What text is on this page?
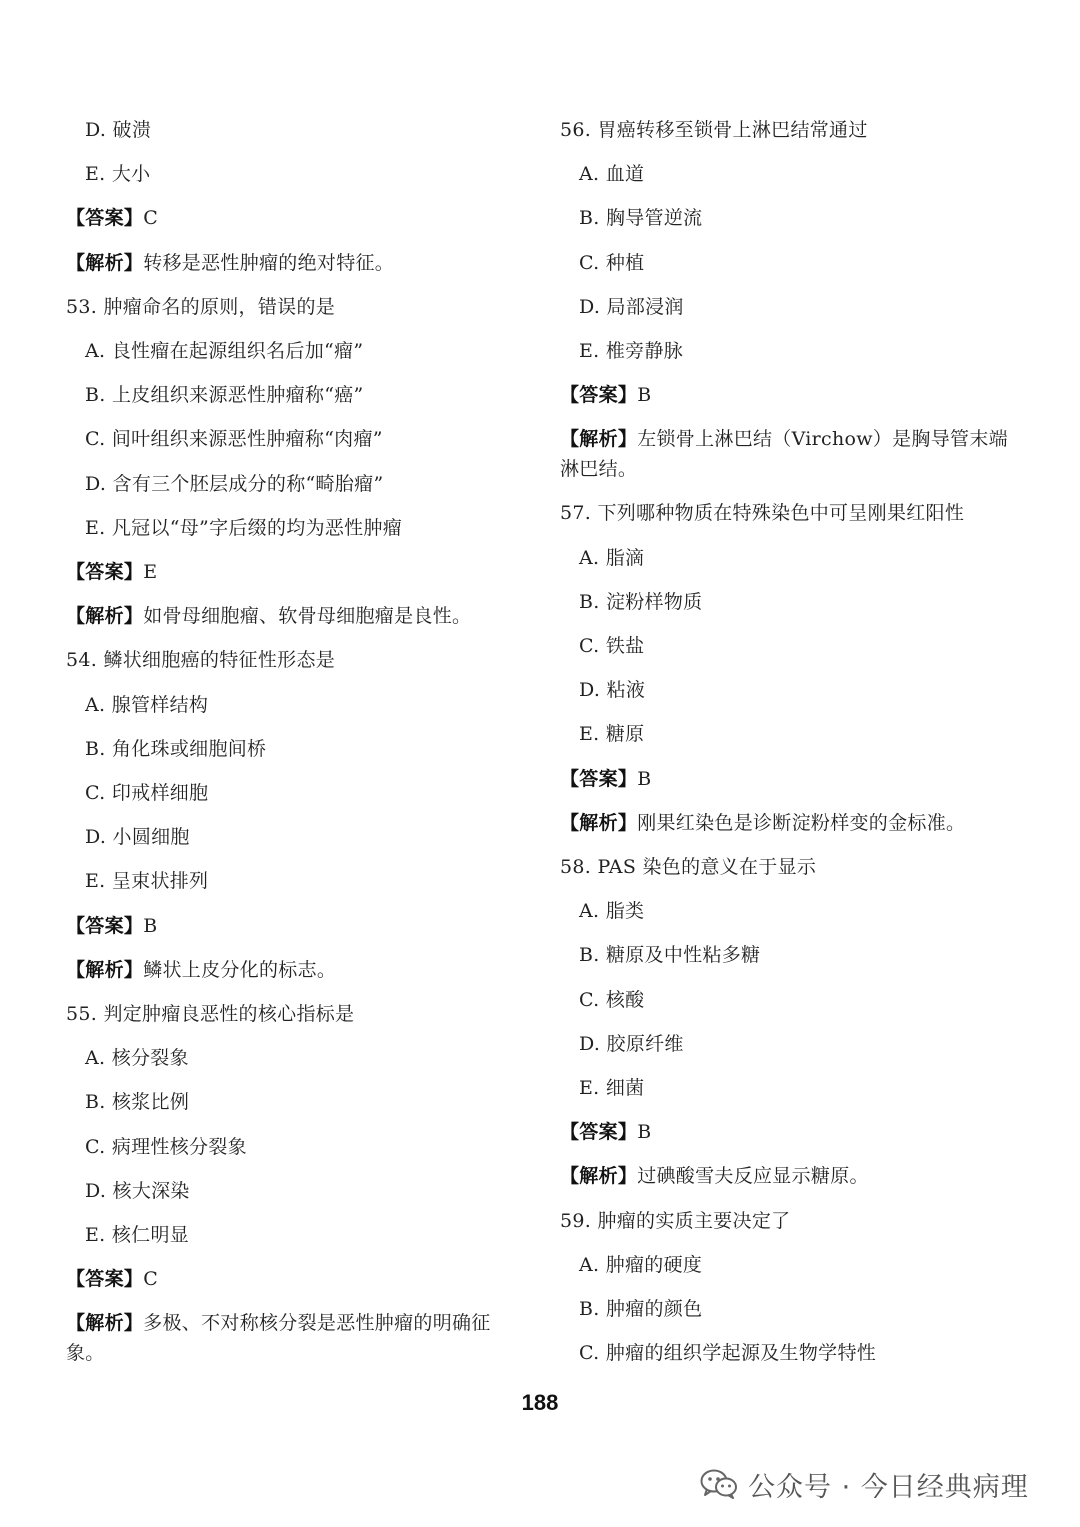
D. 破溃
E. 大小
【答案】C
【解析】转移是恶性肿瘤的绝对特征。
53. 肿瘤命名的原则，错误的是
A. 良性瘤在起源组织名后加“瘤”
B. 上皮组织来源恶性肿瘤称“癌”
C. 间叶组织来源恶性肿瘤称“肉瘤”
D. 含有三个胚层成分的称“畸胎瘤”
E. 凡冠以“母”字后缀的均为恶性肿瘤
【答案】E
【解析】如骨母细胞瘤、软骨母细胞瘤是良性。
54. 鳞状细胞癌的特征性形态是
A. 腺管样结构
B. 角化珠或细胞间桥
C. 印戒样细胞
D. 小圆细胞
E. 呈束状排列
【答案】B
【解析】鳞状上皮分化的标志。
55. 判定肿瘤良恶性的核心指标是
A. 核分裂象
B. 核浆比例
C. 病理性核分裂象
D. 核大深染
E. 核仁明显
【答案】C
【解析】多极、不对称核分裂是恶性肿瘤的明确征象。
56. 胃癌转移至锁骨上淋巴结常通过
A. 血道
B. 胸导管逆流
C. 种植
D. 局部浸润
E. 椎旁静脉
【答案】B
【解析】左锁骨上淋巴结（Virchow）是胸导管末端淋巴结。
57. 下列哪种物质在特殊染色中可呈刚果红阳性
A. 脂滴
B. 淀粉样物质
C. 铁盐
D. 粘液
E. 糖原
【答案】B
【解析】刚果红染色是诊断淀粉样变的金标准。
58. PAS 染色的意义在于显示
A. 脂类
B. 糖原及中性粘多糖
C. 核酸
D. 胶原纤维
E. 细菌
【答案】B
【解析】过碘酸雪夫反应显示糖原。
59. 肿瘤的实质主要决定了
A. 肿瘤的硬度
B. 肿瘤的颜色
C. 肿瘤的组织学起源及生物学特性
188
公众号 · 今日经典病理
